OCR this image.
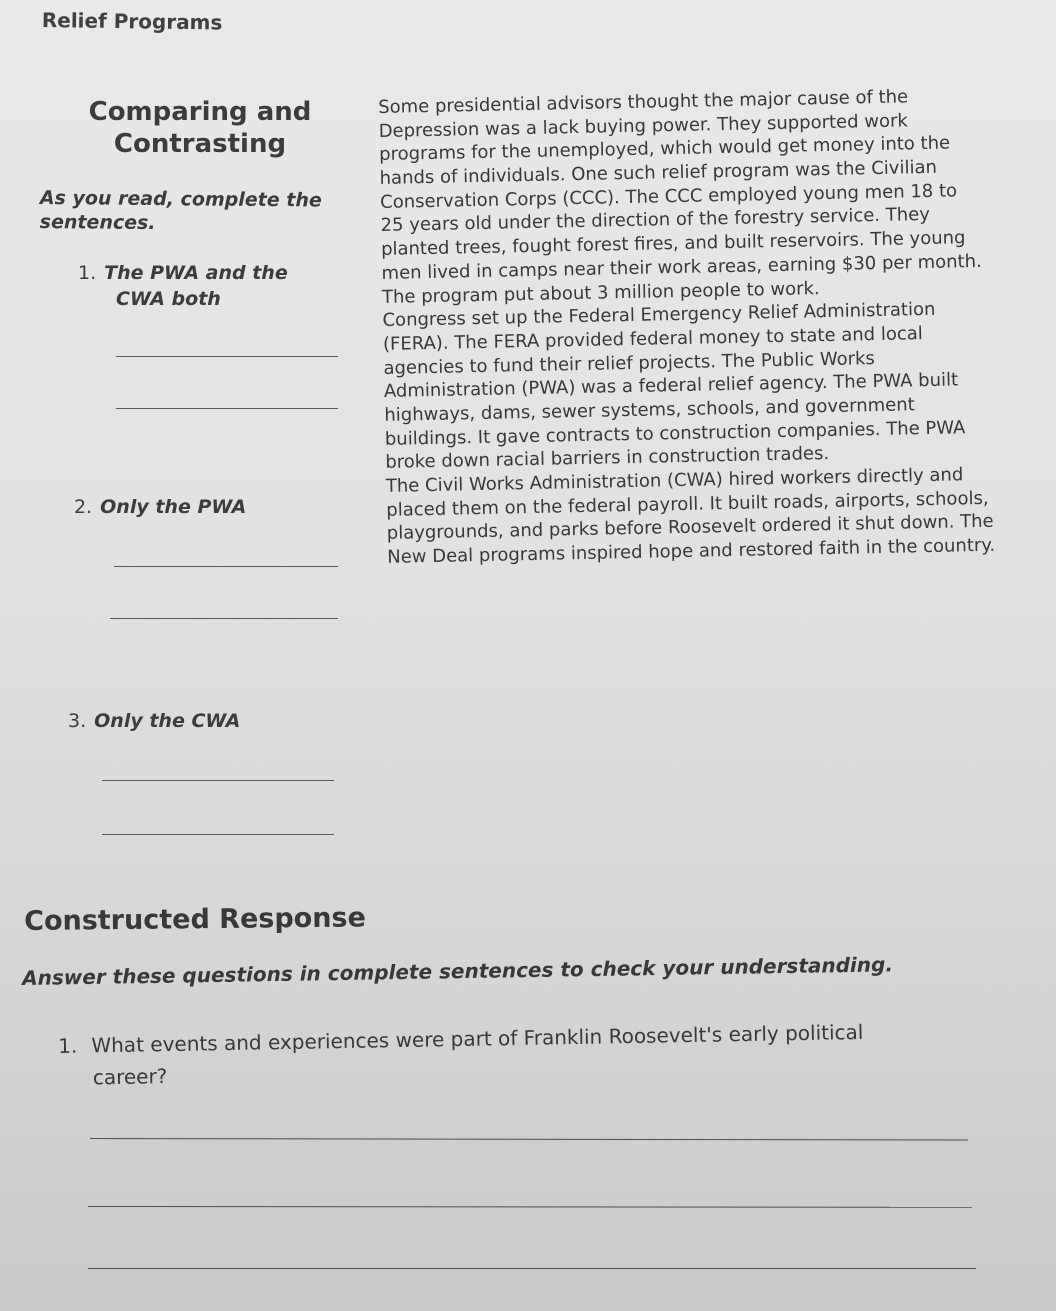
Relief Programs
Comparing and
Contrasting
As you read, complete the
sentences.
1. The PWA and the
CWA both
2. Only the PWA
3. Only the CWA
Some presidential advisors thought the major cause of the
Depression was a lack buying power. They supported work
programs for the unemployed, which would get money into the
hands of individuals. One such relief program was the Civilian
Conservation Corps (CCC). The CCC employed young men 18 to
25 years old under the direction of the forestry service. They
planted trees, fought forest fires, and built reservoirs. The young
men lived in camps near their work areas, earning $30 per month.
The program put about 3 million people to work.
Congress set up the Federal Emergency Relief Administration
(FERA). The FERA provided federal money to state and local
agencies to fund their relief projects. The Public Works
Administration (PWA) was a federal relief agency. The PWA built
highways, dams, sewer systems, schools, and government
buildings. It gave contracts to construction companies. The PWA
broke down racial barriers in construction trades.
The Civil Works Administration (CWA) hired workers directly and
placed them on the federal payroll. It built roads, airports, schools,
playgrounds, and parks before Roosevelt ordered it shut down. The
New Deal programs inspired hope and restored faith in the country.
Constructed Response
Answer these questions in complete sentences to check your understanding.
1. What events and experiences were part of Franklin Roosevelt's early political
career?
